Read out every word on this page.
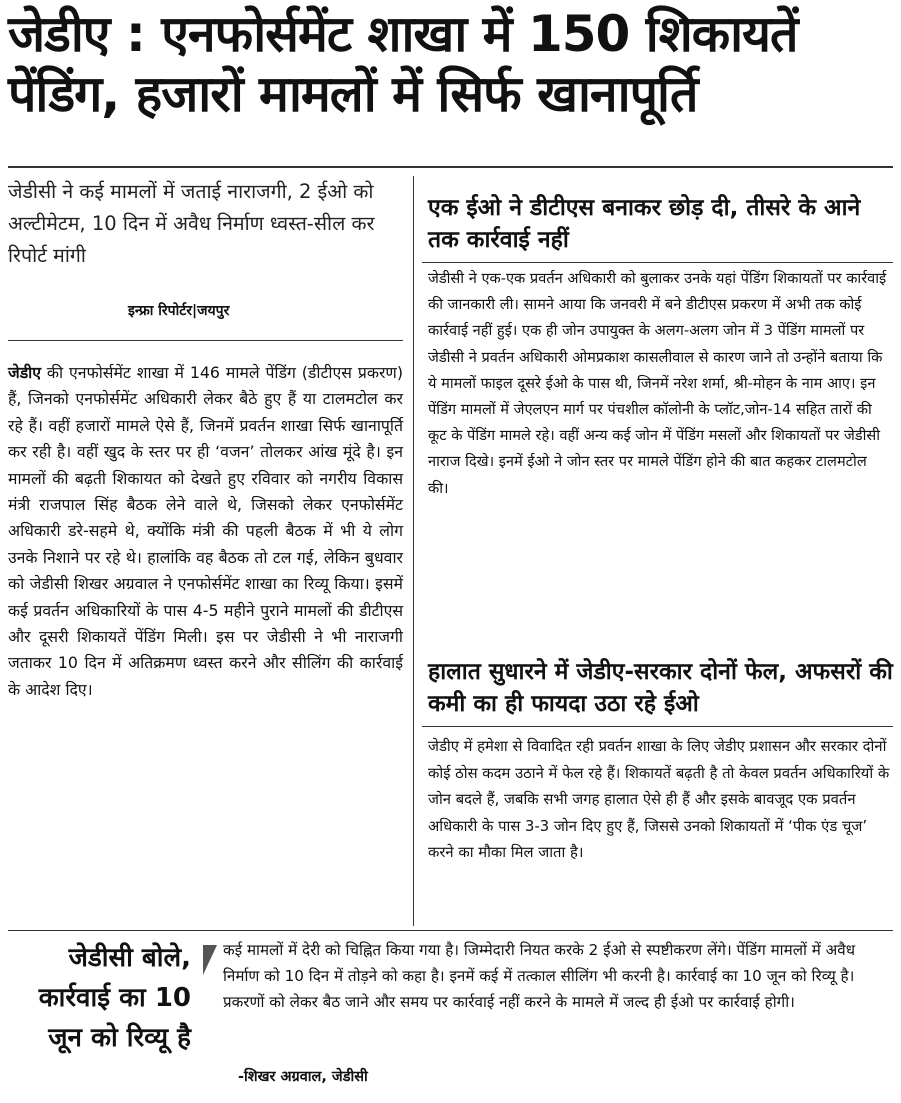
जेडीए : एनफोर्समेंट शाखा में 150 शिकायतें
पेंडिंग, हजारों मामलों में सिर्फ खानापूर्ति
जेडीसी ने कई मामलों में जताई नाराजगी, 2 ईओ को अल्टीमेटम, 10 दिन में अवैध निर्माण ध्वस्त-सील कर रिपोर्ट मांगी
इन्फ्रा रिपोर्टर|जयपुर
जेडीए की एनफोर्समेंट शाखा में 146 मामले पेंडिंग (डीटीएस प्रकरण) हैं, जिनको एनफोर्समेंट अधिकारी लेकर बैठे हुए हैं या टालमटोल कर रहे हैं। वहीं हजारों मामले ऐसे हैं, जिनमें प्रवर्तन शाखा सिर्फ खानापूर्ति कर रही है। वहीं खुद के स्तर पर ही ‘वजन’ तोलकर आंख मूंदे है। इन मामलों की बढ़ती शिकायत को देखते हुए रविवार को नगरीय विकास मंत्री राजपाल सिंह बैठक लेने वाले थे, जिसको लेकर एनफोर्समेंट अधिकारी डरे-सहमे थे, क्योंकि मंत्री की पहली बैठक में भी ये लोग उनके निशाने पर रहे थे। हालांकि वह बैठक तो टल गई, लेकिन बुधवार को जेडीसी शिखर अग्रवाल ने एनफोर्समेंट शाखा का रिव्यू किया। इसमें कई प्रवर्तन अधिकारियों के पास 4-5 महीने पुराने मामलों की डीटीएस और दूसरी शिकायतें पेंडिंग मिली। इस पर जेडीसी ने भी नाराजगी जताकर 10 दिन में अतिक्रमण ध्वस्त करने और सीलिंग की कार्रवाई के आदेश दिए।
एक ईओ ने डीटीएस बनाकर छोड़ दी, तीसरे के आने तक कार्रवाई नहीं
जेडीसी ने एक-एक प्रवर्तन अधिकारी को बुलाकर उनके यहां पेंडिंग शिकायतों पर कार्रवाई की जानकारी ली। सामने आया कि जनवरी में बने डीटीएस प्रकरण में अभी तक कोई कार्रवाई नहीं हुई। एक ही जोन उपायुक्त के अलग-अलग जोन में 3 पेंडिंग मामलों पर जेडीसी ने प्रवर्तन अधिकारी ओमप्रकाश कासलीवाल से कारण जाने तो उन्होंने बताया कि ये मामलों फाइल दूसरे ईओ के पास थी, जिनमें नरेश शर्मा, श्री-मोहन के नाम आए। इन पेंडिंग मामलों में जेएलएन मार्ग पर पंचशील कॉलोनी के प्लॉट,जोन-14 सहित तारों की कूट के पेंडिंग मामले रहे। वहीं अन्य कई जोन में पेंडिंग मसलों और शिकायतों पर जेडीसी नाराज दिखे। इनमें ईओ ने जोन स्तर पर मामले पेंडिंग होने की बात कहकर टालमटोल की।
हालात सुधारने में जेडीए-सरकार दोनों फेल, अफसरों की कमी का ही फायदा उठा रहे ईओ
जेडीए में हमेशा से विवादित रही प्रवर्तन शाखा के लिए जेडीए प्रशासन और सरकार दोनों कोई ठोस कदम उठाने में फेल रहे हैं। शिकायतें बढ़ती है तो केवल प्रवर्तन अधिकारियों के जोन बदले हैं, जबकि सभी जगह हालात ऐसे ही हैं और इसके बावजूद एक प्रवर्तन अधिकारी के पास 3-3 जोन दिए हुए हैं, जिससे उनको शिकायतों में ‘पीक एंड चूज’ करने का मौका मिल जाता है।
जेडीसी बोले, कार्रवाई का 10 जून को रिव्यू है
कई मामलों में देरी को चिह्नित किया गया है। जिम्मेदारी नियत करके 2 ईओ से स्पष्टीकरण लेंगे। पेंडिंग मामलों में अवैध निर्माण को 10 दिन में तोड़ने को कहा है। इनमें कई में तत्काल सीलिंग भी करनी है। कार्रवाई का 10 जून को रिव्यू है। प्रकरणों को लेकर बैठ जाने और समय पर कार्रवाई नहीं करने के मामले में जल्द ही ईओ पर कार्रवाई होगी।
-शिखर अग्रवाल, जेडीसी
